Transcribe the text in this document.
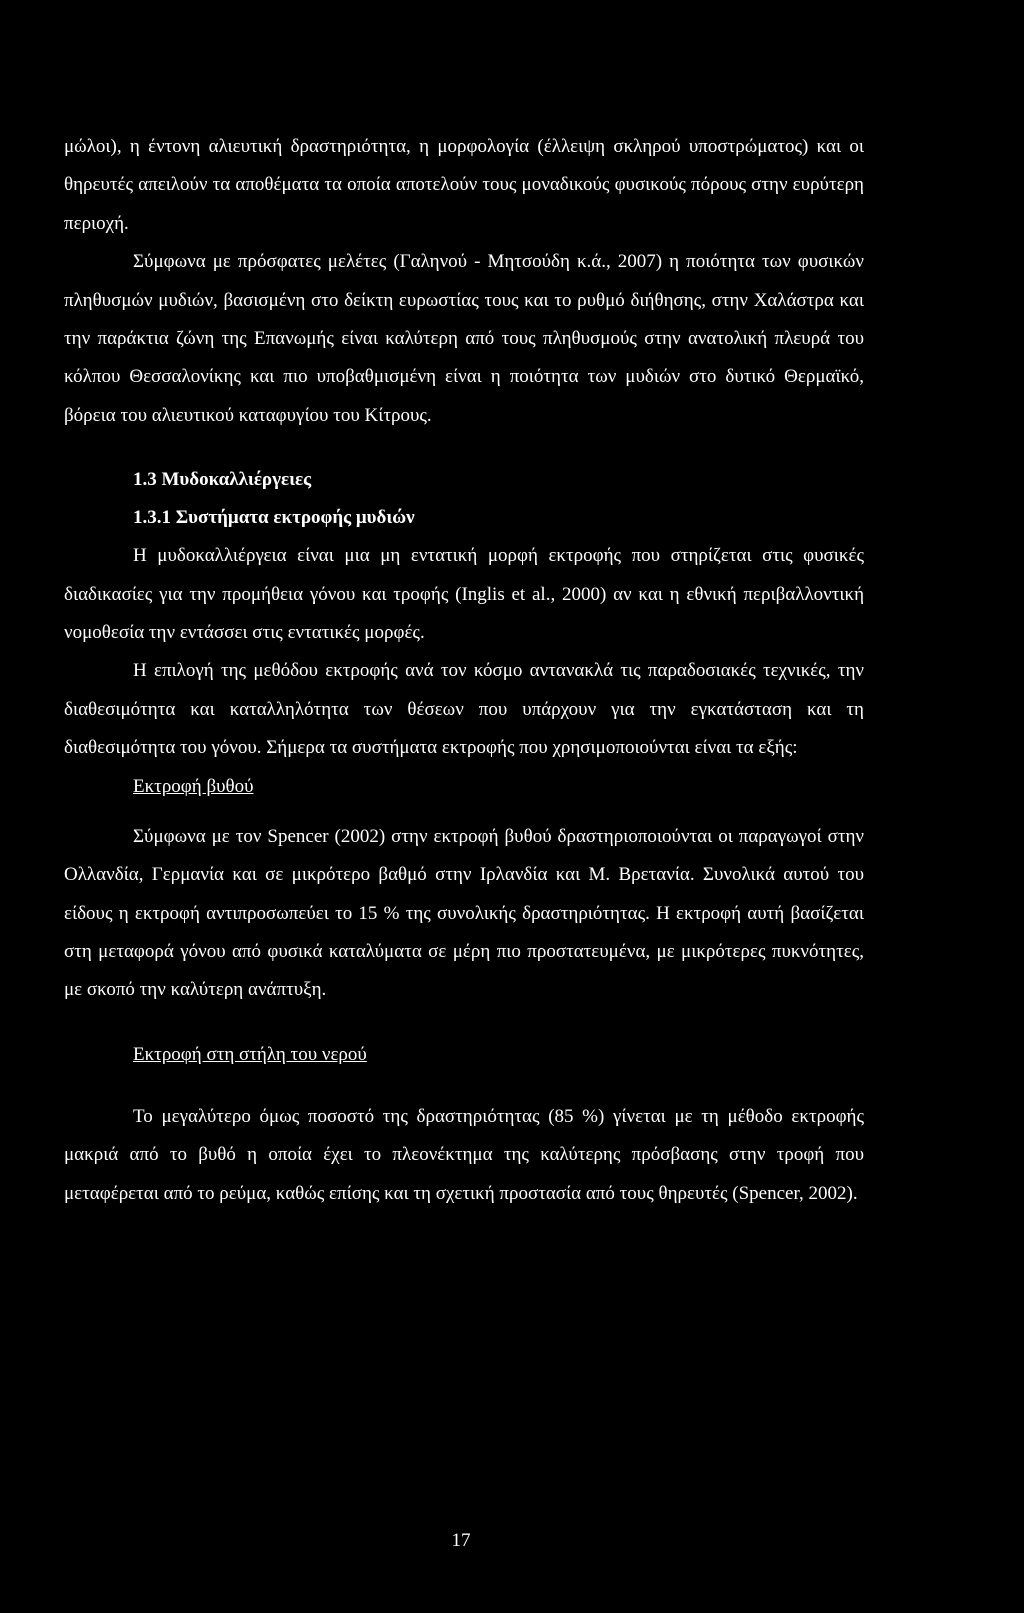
μώλοι), η έντονη αλιευτική δραστηριότητα, η μορφολογία (έλλειψη σκληρού υποστρώματος) και οι θηρευτές απειλούν τα αποθέματα τα οποία αποτελούν τους μοναδικούς φυσικούς πόρους στην ευρύτερη περιοχή.

Σύμφωνα με πρόσφατες μελέτες (Γαληνού - Μητσούδη κ.ά., 2007) η ποιότητα των φυσικών πληθυσμών μυδιών, βασισμένη στο δείκτη ευρωστίας τους και το ρυθμό διήθησης, στην Χαλάστρα και την παράκτια ζώνη της Επανωμής είναι καλύτερη από τους πληθυσμούς στην ανατολική πλευρά του κόλπου Θεσσαλονίκης και πιο υποβαθμισμένη είναι η ποιότητα των μυδιών στο δυτικό Θερμαϊκό, βόρεια του αλιευτικού καταφυγίου του Κίτρους.

1.3 Μυδοκαλλιέργειες
1.3.1 Συστήματα εκτροφής μυδιών

Η μυδοκαλλιέργεια είναι μια μη εντατική μορφή εκτροφής που στηρίζεται στις φυσικές διαδικασίες για την προμήθεια γόνου και τροφής (Inglis et al., 2000) αν και η εθνική περιβαλλοντική νομοθεσία την εντάσσει στις εντατικές μορφές.

Η επιλογή της μεθόδου εκτροφής ανά τον κόσμο αντανακλά τις παραδοσιακές τεχνικές, την διαθεσιμότητα και καταλληλότητα των θέσεων που υπάρχουν για την εγκατάσταση και τη διαθεσιμότητα του γόνου. Σήμερα τα συστήματα εκτροφής που χρησιμοποιούνται είναι τα εξής:

Εκτροφή βυθού

Σύμφωνα με τον Spencer (2002) στην εκτροφή βυθού δραστηριοποιούνται οι παραγωγοί στην Ολλανδία, Γερμανία και σε μικρότερο βαθμό στην Ιρλανδία και Μ. Βρετανία. Συνολικά αυτού του είδους η εκτροφή αντιπροσωπεύει το 15 % της συνολικής δραστηριότητας. Η εκτροφή αυτή βασίζεται στη μεταφορά γόνου από φυσικά καταλύματα σε μέρη πιο προστατευμένα, με μικρότερες πυκνότητες, με σκοπό την καλύτερη ανάπτυξη.

Εκτροφή στη στήλη του νερού

Το μεγαλύτερο όμως ποσοστό της δραστηριότητας (85 %) γίνεται με τη μέθοδο εκτροφής μακριά από το βυθό η οποία έχει το πλεονέκτημα της καλύτερης πρόσβασης στην τροφή που μεταφέρεται από το ρεύμα, καθώς επίσης και τη σχετική προστασία από τους θηρευτές (Spencer, 2002).

17
